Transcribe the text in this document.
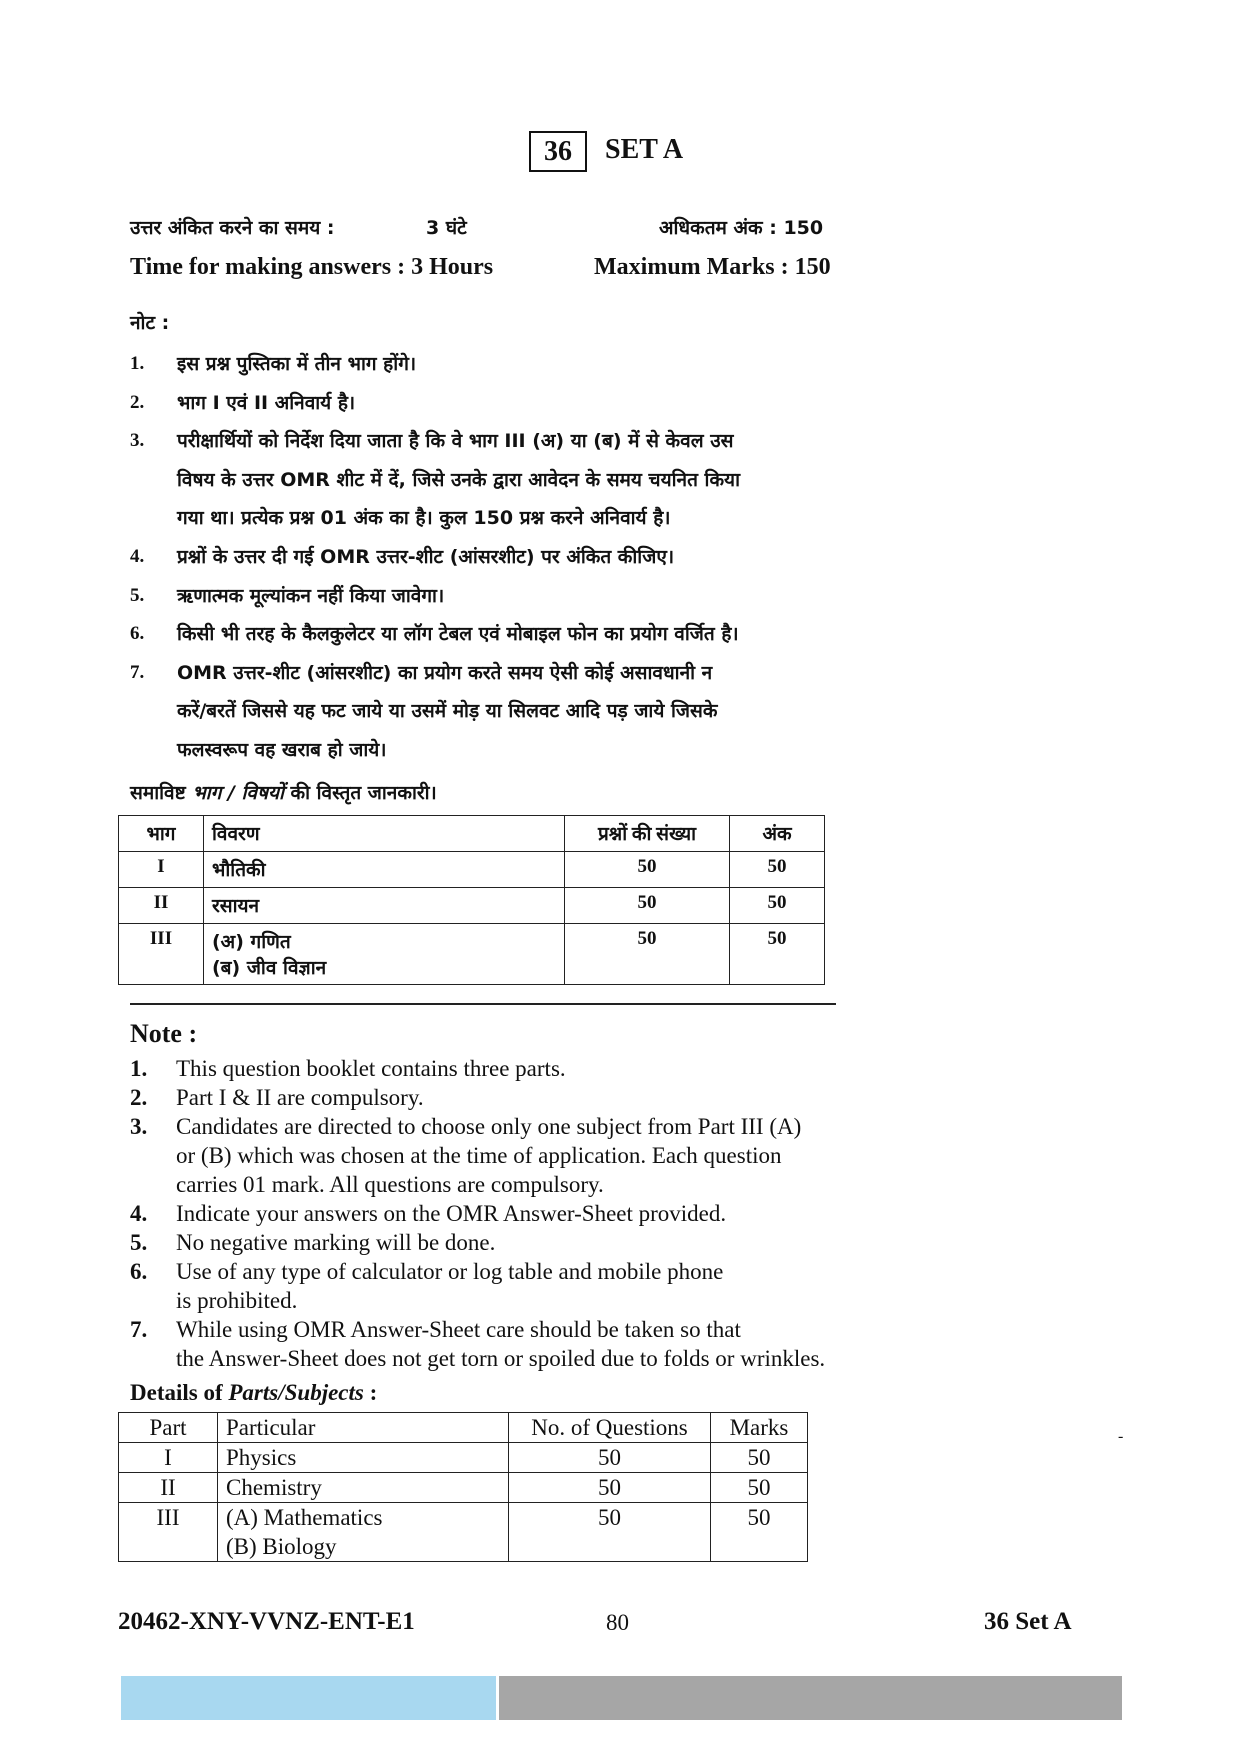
36 SET A
उत्तर अंकित करने का समय :	3 घंटे	अधिकतम अंक : 150
Time for making answers : 3 Hours	Maximum Marks : 150
नोट :
1.	इस प्रश्न पुस्तिका में तीन भाग होंगे।
2.	भाग I एवं II अनिवार्य है।
3.	परीक्षार्थियों को निर्देश दिया जाता है कि वे भाग III (अ) या (ब) में से केवल उस
विषय के उत्तर OMR शीट में दें, जिसे उनके द्वारा आवेदन के समय चयनित किया
गया था। प्रत्येक प्रश्न 01 अंक का है। कुल 150 प्रश्न करने अनिवार्य है।
4.	प्रश्नों के उत्तर दी गई OMR उत्तर-शीट (आंसरशीट) पर अंकित कीजिए।
5.	ऋणात्मक मूल्यांकन नहीं किया जावेगा।
6.	किसी भी तरह के कैलकुलेटर या लॉग टेबल एवं मोबाइल फोन का प्रयोग वर्जित है।
7.	OMR उत्तर-शीट (आंसरशीट) का प्रयोग करते समय ऐसी कोई असावधानी न
करें/बरतें जिससे यह फट जाये या उसमें मोड़ या सिलवट आदि पड़ जाये जिसके
फलस्वरूप वह खराब हो जाये।
समाविष्ट भाग / विषयों की विस्तृत जानकारी।
भाग	विवरण	प्रश्नों की संख्या	अंक
I	भौतिकी	50	50
II	रसायन	50	50
III	(अ) गणित
(ब) जीव विज्ञान	50	50
Note :
1.	This question booklet contains three parts.
2.	Part I & II are compulsory.
3.	Candidates are directed to choose only one subject from Part III (A)
or (B) which was chosen at the time of application. Each question
carries 01 mark. All questions are compulsory.
4.	Indicate your answers on the OMR Answer-Sheet provided.
5.	No negative marking will be done.
6.	Use of any type of calculator or log table and mobile phone
is prohibited.
7.	While using OMR Answer-Sheet care should be taken so that
the Answer-Sheet does not get torn or spoiled due to folds or wrinkles.
Details of Parts/Subjects :
Part	Particular	No. of Questions	Marks
I	Physics	50	50
II	Chemistry	50	50
III	(A) Mathematics
(B) Biology	50	50
-
20462-XNY-VVNZ-ENT-E1	80	36 Set A
